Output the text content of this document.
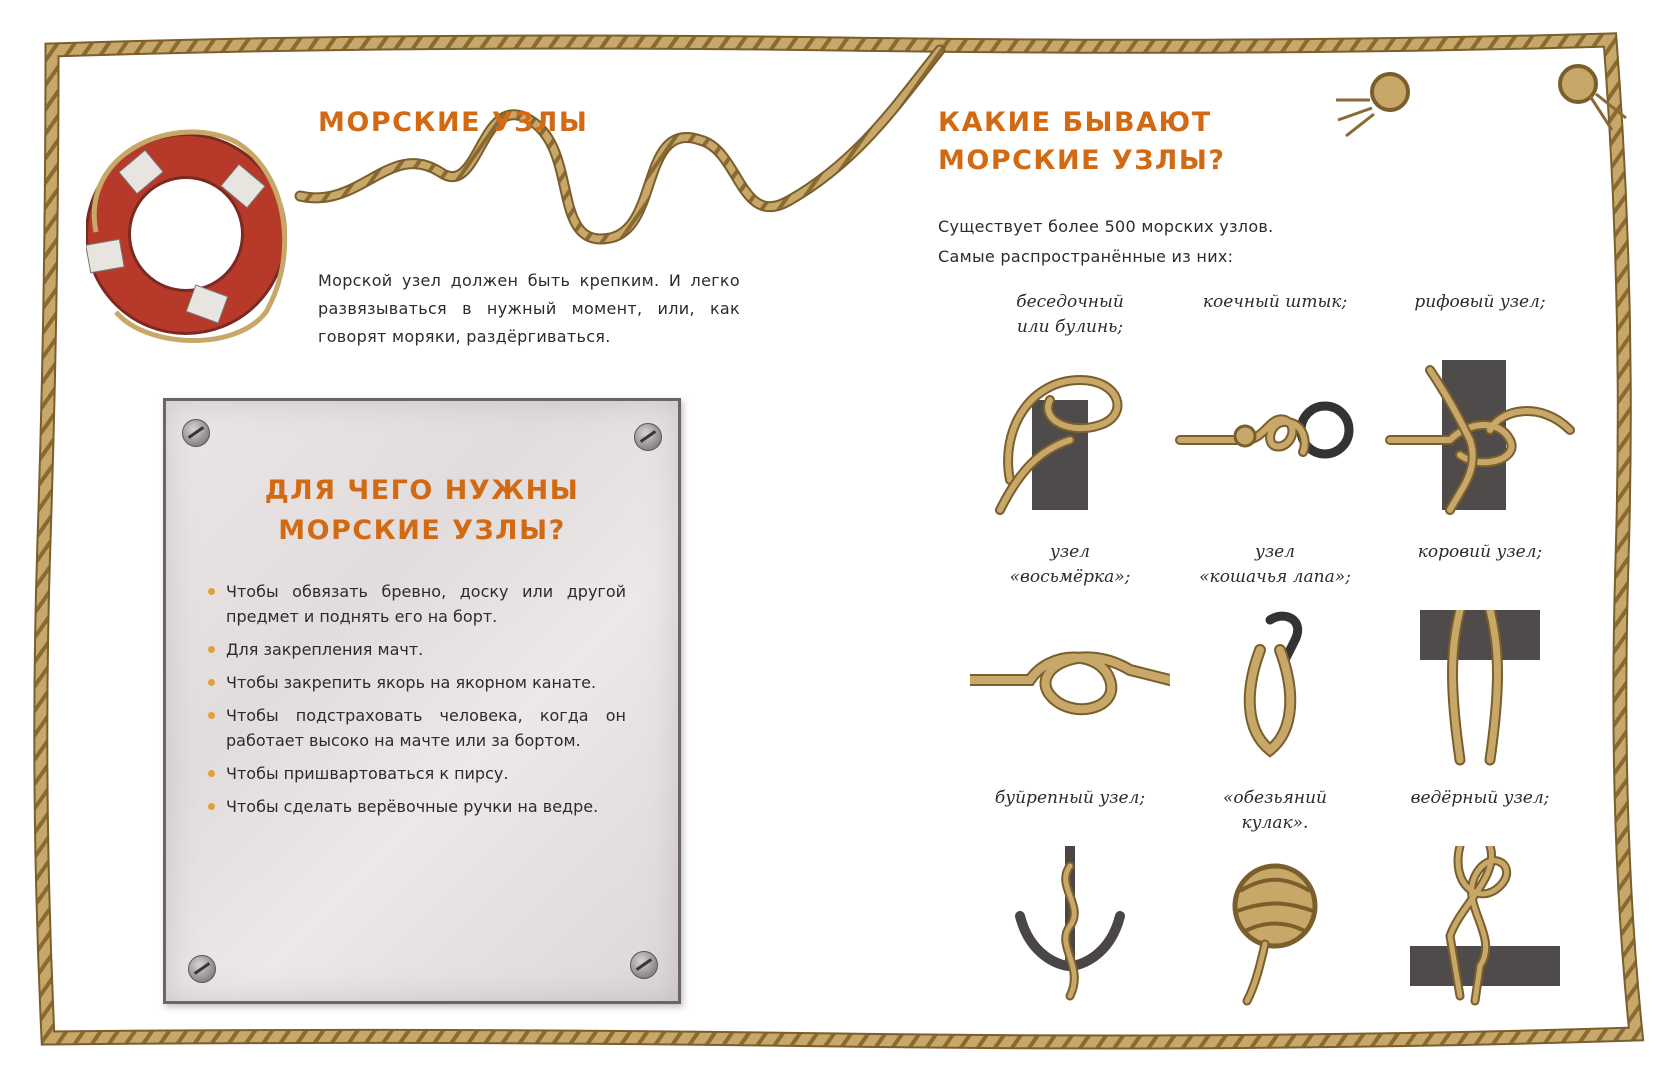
МОРСКИЕ УЗЛЫ

Морской узел должен быть крепким. И легко развязываться в нужный момент, или, как говорят моряки, раздёргиваться.

ДЛЯ ЧЕГО НУЖНЫ
МОРСКИЕ УЗЛЫ?
Чтобы обвязать бревно, доску или другой предмет и поднять его на борт.
Для закрепления мачт.
Чтобы закрепить якорь на якорном канате.
Чтобы подстраховать человека, когда он работает высоко на мачте или за бортом.
Чтобы пришвартоваться к пирсу.
Чтобы сделать верёвочные ручки на ведре.
КАКИЕ БЫВАЮТ
МОРСКИЕ УЗЛЫ?

Существует более 500 морских узлов.
Самые распространённые из них:

беседочный
или булинь;

коечный штык;	рифовый узел;

узел
«восьмёрка»;

узел
«кошачья лапа»;

коровий узел;

буйрепный узел;	«обезьяний
кулак».

ведёрный узел;
